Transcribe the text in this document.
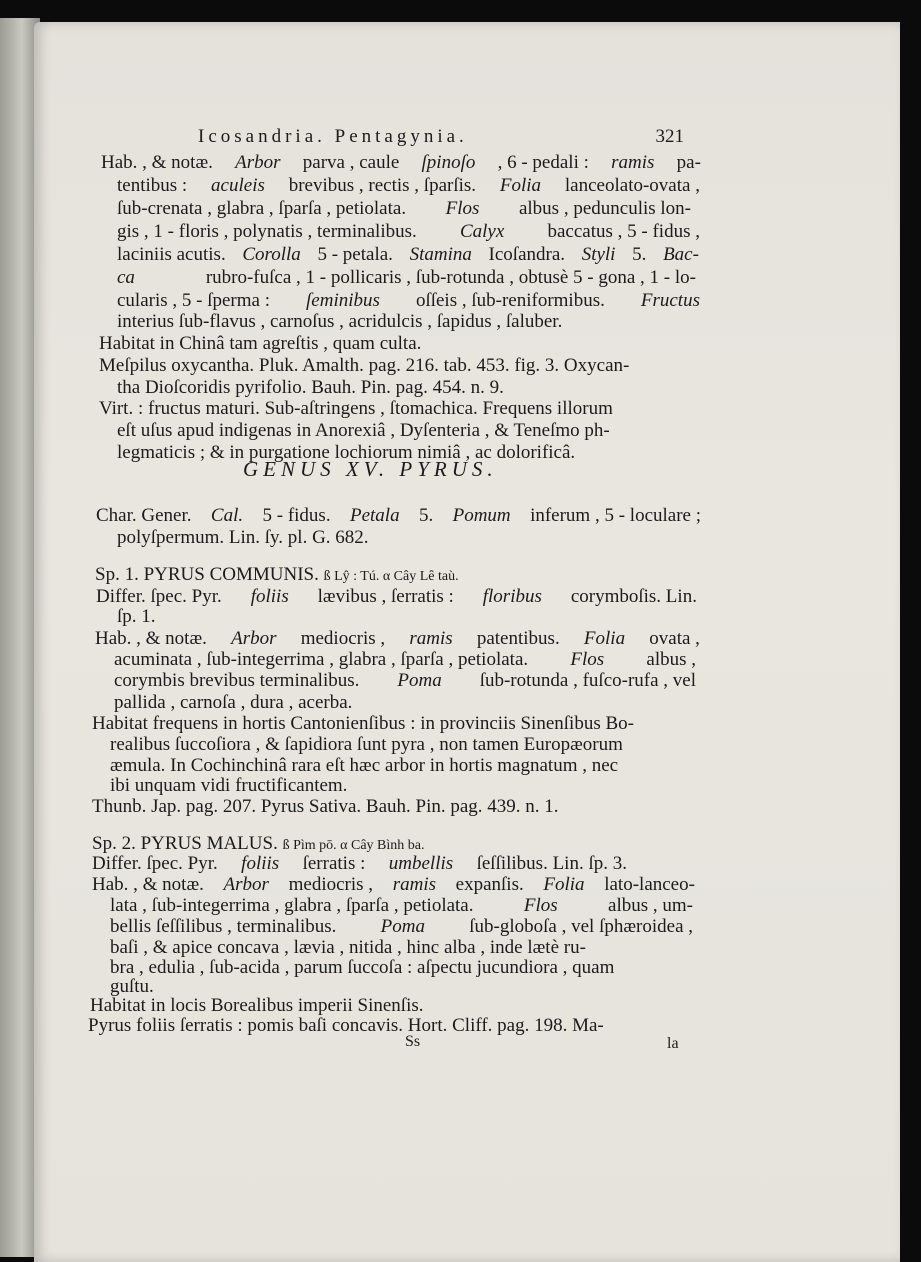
Icosandria. Pentagynia.	321
Hab. , & notæ. Arbor parva , caule ſpinoſo , 6 - pedali : ramis pa-
tentibus : aculeis brevibus , rectis , ſparſis. Folia lanceolato-ovata ,
ſub-crenata , glabra , ſparſa , petiolata. Flos albus , pedunculis lon-
gis , 1 - floris , polynatis , terminalibus. Calyx baccatus , 5 - fidus ,
laciniis acutis. Corolla 5 - petala. Stamina Icoſandra. Styli 5. Bac-
ca	rubro-fuſca , 1 - pollicaris , ſub-rotunda , obtusè 5 - gona , 1 - lo-
cularis , 5 - ſperma : ſeminibus oſſeis , ſub-reniformibus. Fructus
interius ſub-flavus , carnoſus , acridulcis , ſapidus , ſaluber.
Habitat in Chinâ tam agreſtis , quam culta.
Meſpilus oxycantha. Pluk. Amalth. pag. 216. tab. 453. fig. 3. Oxycan-
tha Dioſcoridis pyrifolio. Bauh. Pin. pag. 454. n. 9.
Virt. : fructus maturi. Sub-aſtringens , ſtomachica. Frequens illorum
eſt uſus apud indigenas in Anorexiâ , Dyſenteria , & Teneſmo ph-
legmaticis ; & in purgatione lochiorum nimiâ , ac dolorificâ.
GENUS XV. PYRUS.
Char. Gener. Cal. 5 - fidus. Petala 5. Pomum inferum , 5 - loculare ;
polyſpermum. Lin. ſy. pl. G. 682.
Sp. 1. PYRUS COMMUNIS. ß Lŷ : Tú. α Cây Lê taù.
Differ. ſpec. Pyr. foliis lævibus , ſerratis : floribus corymboſis. Lin.
ſp. 1.
Hab. , & notæ. Arbor mediocris , ramis patentibus. Folia ovata ,
acuminata , ſub-integerrima , glabra , ſparſa , petiolata. Flos albus ,
corymbis brevibus terminalibus. Poma ſub-rotunda , fuſco-rufa , vel
pallida , carnoſa , dura , acerba.
Habitat frequens in hortis Cantonienſibus : in provinciis Sinenſibus Bo-
realibus ſuccoſiora , & ſapidiora ſunt pyra , non tamen Europæorum
æmula. In Cochinchinâ rara eſt hæc arbor in hortis magnatum , nec
ibi unquam vidi fructificantem.
Thunb. Jap. pag. 207. Pyrus Sativa. Bauh. Pin. pag. 439. n. 1.
Sp. 2. PYRUS MALUS. ß Pìm pō. α Cây Bình ba.
Differ. ſpec. Pyr. foliis ſerratis : umbellis ſeſſilibus. Lin. ſp. 3.
Hab. , & notæ. Arbor mediocris , ramis expanſis. Folia lato-lanceo-
lata , ſub-integerrima , glabra , ſparſa , petiolata.	Flos	albus , um-
bellis ſeſſilibus , terminalibus. Poma ſub-globoſa , vel ſphæroidea ,
baſi , & apice concava , lævia , nitida , hinc alba , inde lætè ru-
bra , edulia , ſub-acida , parum ſuccoſa : aſpectu jucundiora , quam
guſtu.
Habitat in locis Borealibus imperii Sinenſis.
Pyrus foliis ſerratis : pomis baſi concavis. Hort. Cliff. pag. 198. Ma-
Ss	la
